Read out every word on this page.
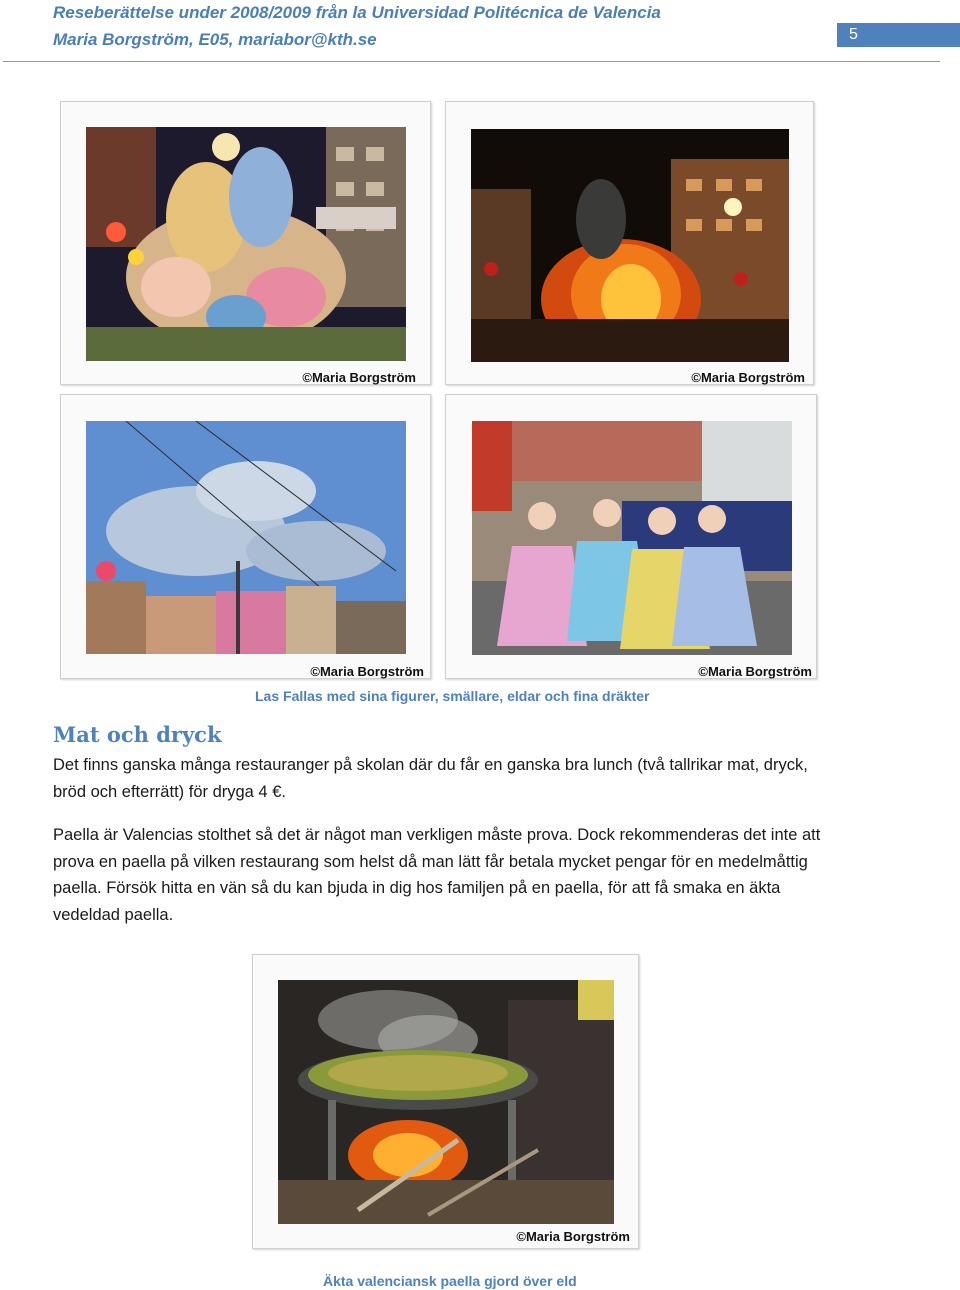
Reseberättelse under 2008/2009 från la Universidad Politécnica de Valencia
Maria Borgström, E05, mariabor@kth.se	5
©Maria Borgström	©Maria Borgström
©Maria Borgström	©Maria Borgström
Las Fallas med sina figurer, smällare, eldar och fina dräkter
Mat och dryck
Det finns ganska många restauranger på skolan där du får en ganska bra lunch (två tallrikar mat, dryck, bröd och efterrätt) för dryga 4 €.
Paella är Valencias stolthet så det är något man verkligen måste prova. Dock rekommenderas det inte att prova en paella på vilken restaurang som helst då man lätt får betala mycket pengar för en medelmåttig paella. Försök hitta en vän så du kan bjuda in dig hos familjen på en paella, för att få smaka en äkta vedeldad paella.
©Maria Borgström
Äkta valenciansk paella gjord över eld
